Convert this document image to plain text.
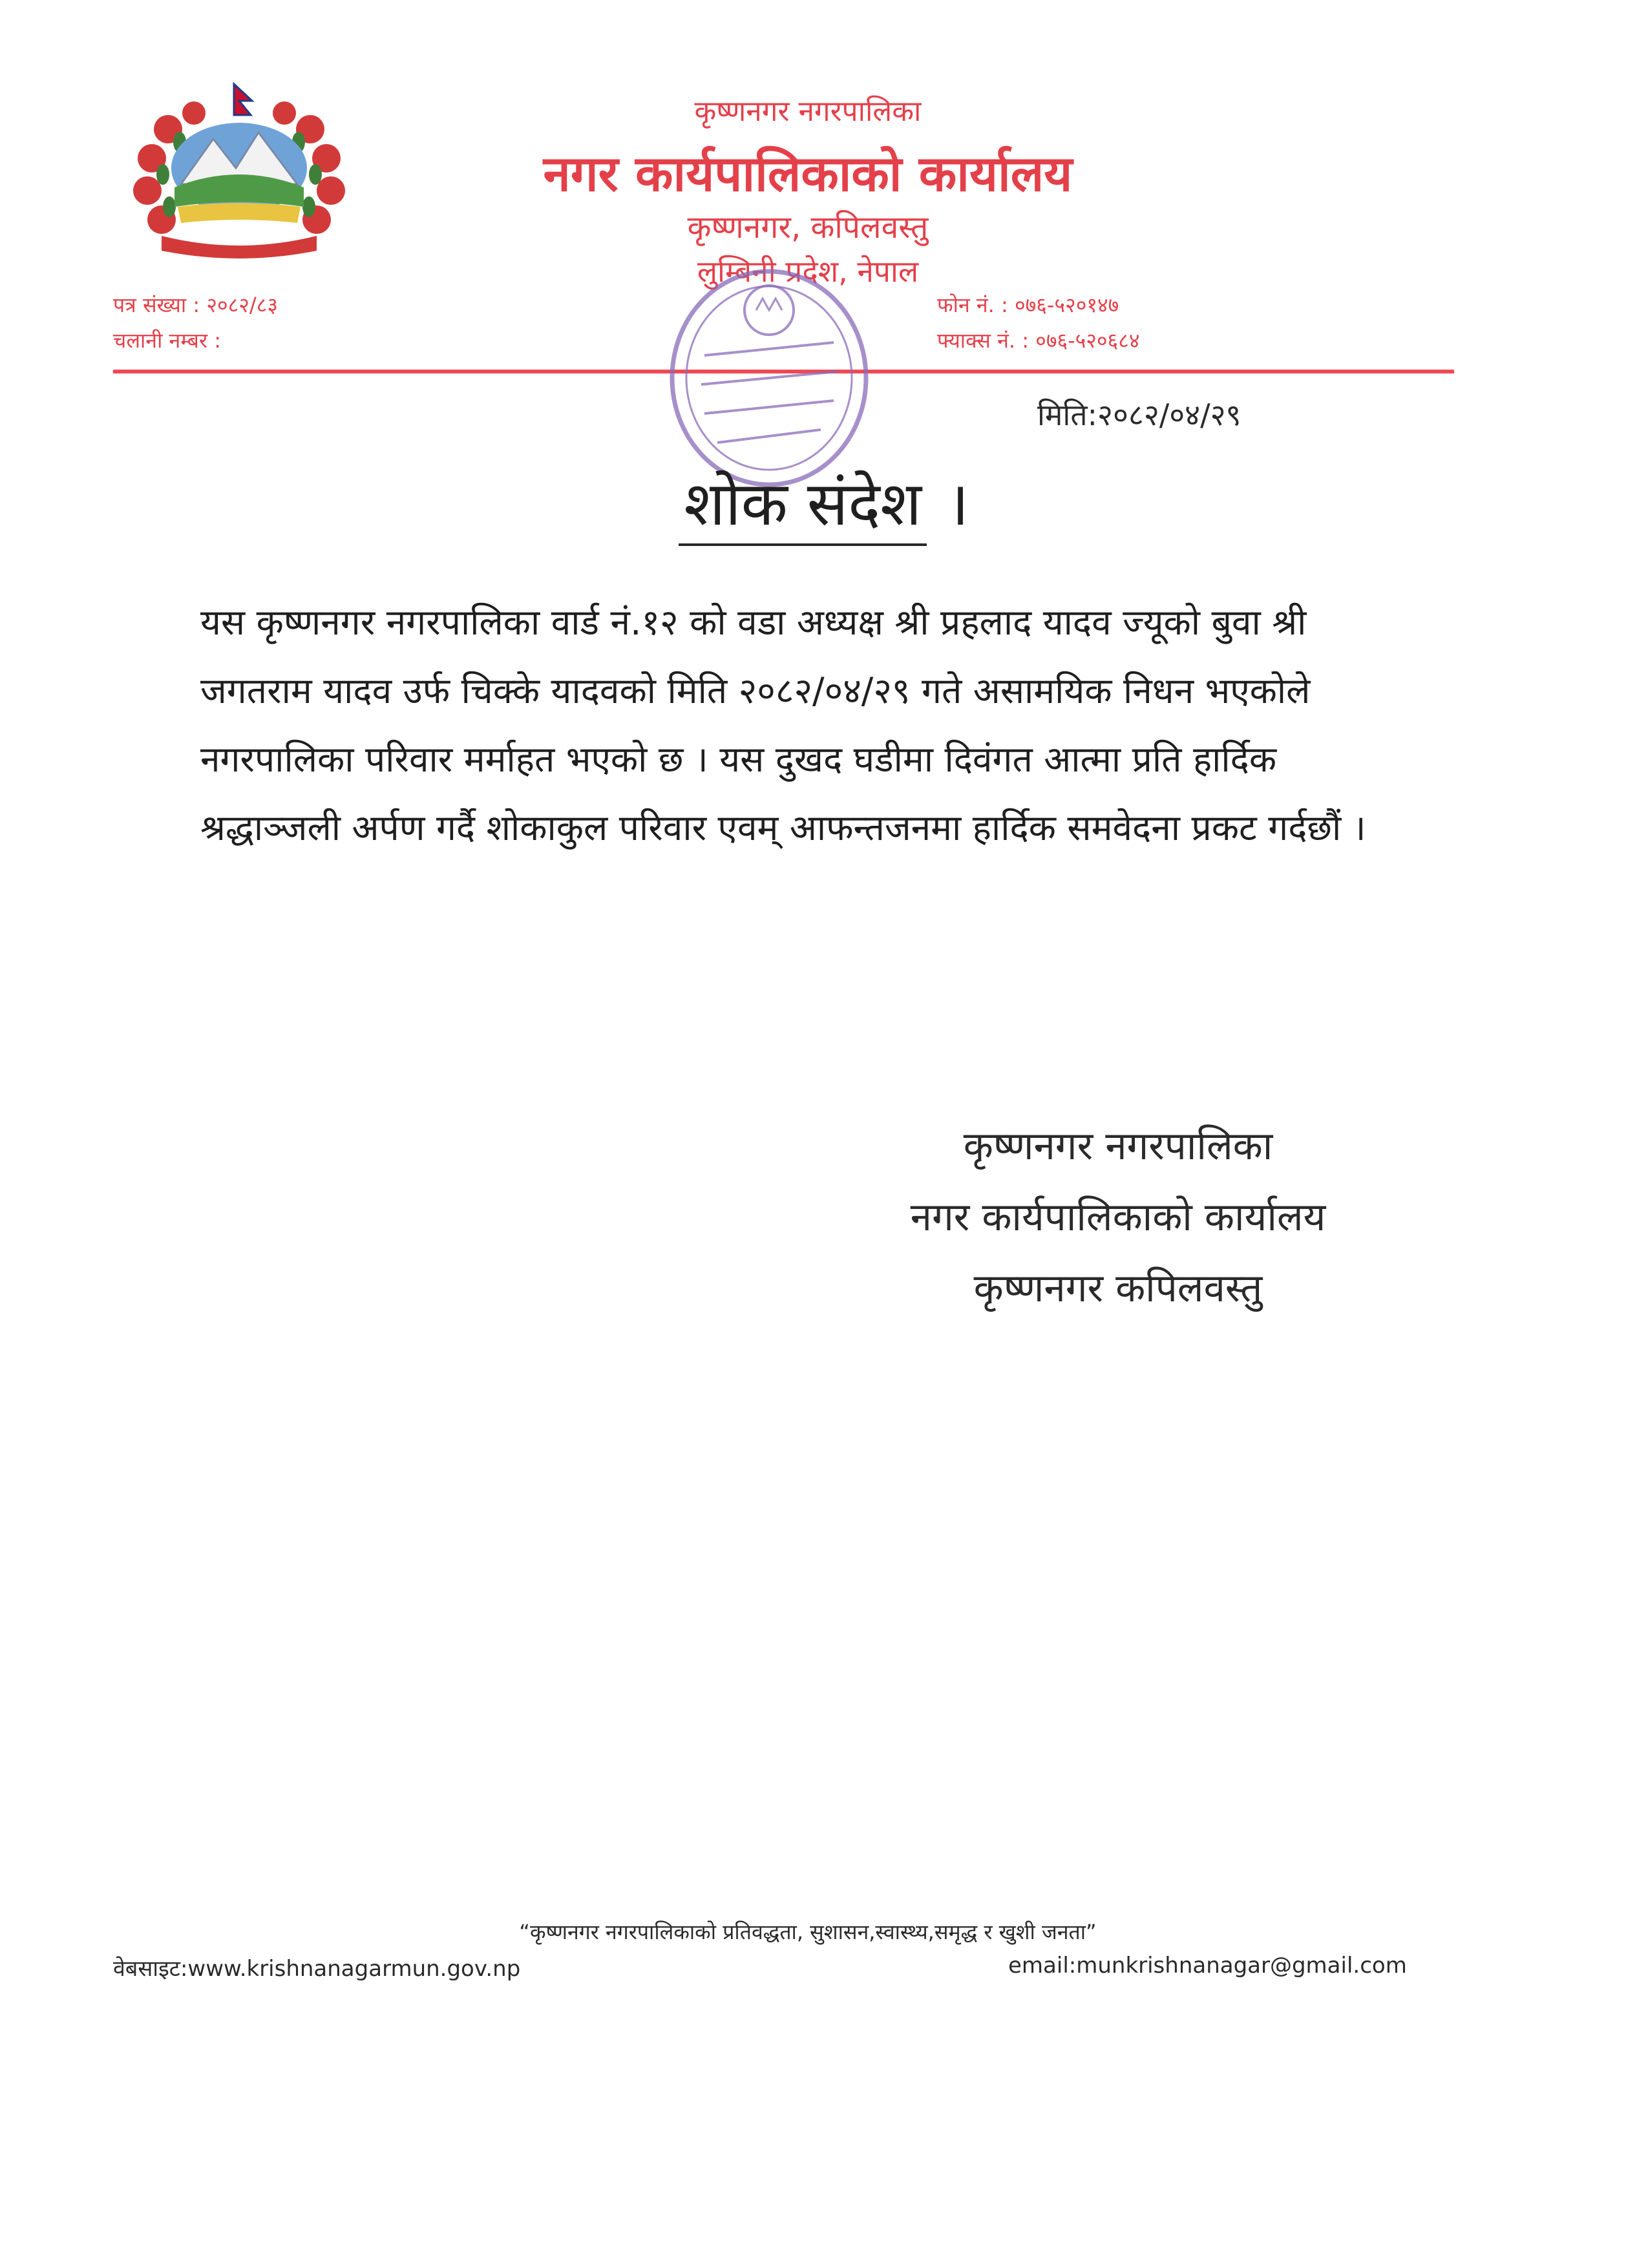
कृष्णनगर नगरपालिका
नगर कार्यपालिकाको कार्यालय
कृष्णनगर, कपिलवस्तु
लुम्बिनी प्रदेश, नेपाल
पत्र संख्या : २०८२/८३
चलानी नम्बर :
फोन नं. : ०७६-५२०१४७
फ्याक्स नं. : ०७६-५२०६८४
मिति:२०८२/०४/२९
शोक संदेश ।
यस कृष्णनगर नगरपालिका वार्ड नं.१२ को वडा अध्यक्ष श्री प्रहलाद यादव ज्यूको बुवा श्री जगतराम यादव उर्फ चिक्के यादवको मिति २०८२/०४/२९ गते असामयिक निधन भएकोले नगरपालिका परिवार मर्माहत भएको छ । यस दुखद घडीमा दिवंगत आत्मा प्रति हार्दिक श्रद्धाञ्जली अर्पण गर्दै शोकाकुल परिवार एवम् आफन्तजनमा हार्दिक समवेदना प्रकट गर्दछौं ।
कृष्णनगर नगरपालिका
नगर कार्यपालिकाको कार्यालय
कृष्णनगर कपिलवस्तु
“कृष्णनगर नगरपालिकाको प्रतिवद्धता, सुशासन,स्वास्थ्य,समृद्ध र खुशी जनता”
वेबसाइट:www.krishnanagarmun.gov.np	email:munkrishnanagar@gmail.com
